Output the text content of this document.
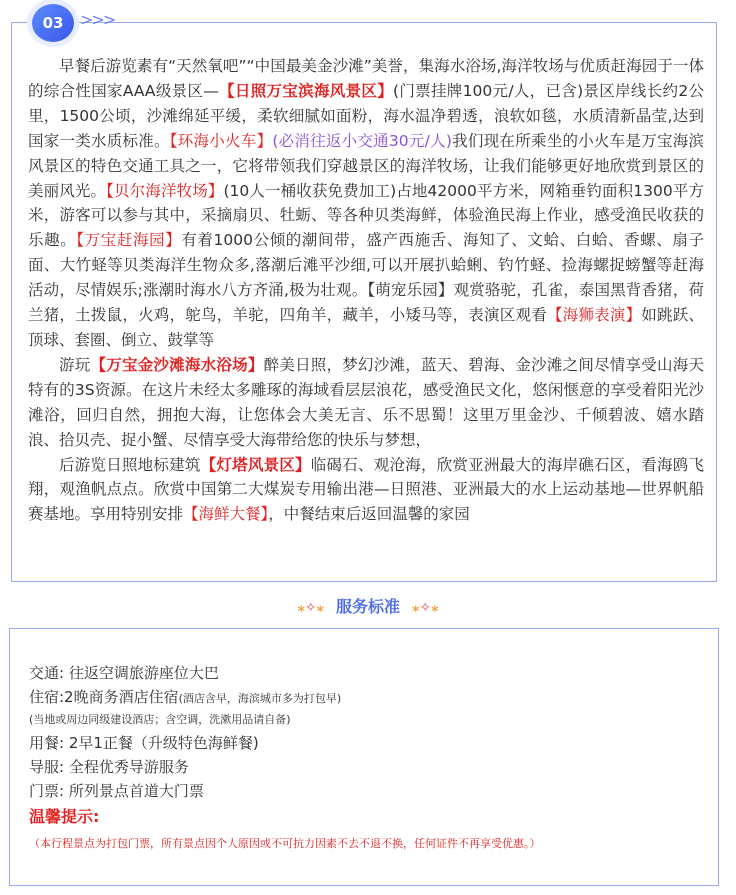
03 >>>

早餐后游览素有“天然氧吧”“中国最美金沙滩”美誉，集海水浴场,海洋牧场与优质赶海园于一体的综合性国家AAA级景区—【日照万宝滨海风景区】(门票挂牌100元/人，已含)景区岸线长约2公里，1500公顷，沙滩绵延平缓，柔软细腻如面粉，海水温净碧透，浪软如毯，水质清新晶莹,达到国家一类水质标准。【环海小火车】(必消往返小交通30元/人)我们现在所乘坐的小火车是万宝海滨风景区的特色交通工具之一，它将带领我们穿越景区的海洋牧场，让我们能够更好地欣赏到景区的美丽风光。【贝尔海洋牧场】(10人一桶收获免费加工)占地42000平方米，网箱垂钓面积1300平方米，游客可以参与其中，采摘扇贝、牡蛎、等各种贝类海鲜，体验渔民海上作业，感受渔民收获的乐趣。【万宝赶海园】有着1000公倾的潮间带，盛产西施舌、海知了、文蛤、白蛤、香螺、扇子面、大竹蛏等贝类海洋生物众多,落潮后滩平沙细,可以开展扒蛤蜊、钓竹蛏、捡海螺捉螃蟹等赶海活动，尽情娱乐;涨潮时海水八方齐涌,极为壮观。【萌宠乐园】观赏骆驼，孔雀，泰国黑背香猪，荷兰猪，土拨鼠，火鸡，鸵鸟，羊驼，四角羊，藏羊，小矮马等，表演区观看【海狮表演】如跳跃、顶球、套圈、倒立、鼓掌等

游玩【万宝金沙滩海水浴场】醉美日照，梦幻沙滩，蓝天、碧海、金沙滩之间尽情享受山海天特有的3S资源。在这片未经太多雕琢的海域看层层浪花，感受渔民文化，悠闲惬意的享受着阳光沙滩浴，回归自然，拥抱大海，让您体会大美无言、乐不思蜀！这里万里金沙、千倾碧波、嬉水踏浪、拾贝壳、捉小蟹、尽情享受大海带给您的快乐与梦想，

后游览日照地标建筑【灯塔风景区】临碣石、观沧海，欣赏亚洲最大的海岸礁石区，看海鸥飞翔，观渔帆点点。欣赏中国第二大煤炭专用输出港—日照港、亚洲最大的水上运动基地—世界帆船赛基地。享用特别安排【海鲜大餐】，中餐结束后返回温馨的家园

⁎✧⁎ 服务标准 ⁎✧⁎
交通: 往返空调旅游座位大巴
住宿:2晚商务酒店住宿(酒店含早，海滨城市多为打包早)
(当地或周边同级建设酒店；含空调，洗漱用品请自备)
用餐: 2早1正餐（升级特色海鲜餐)
导服: 全程优秀导游服务
门票: 所列景点首道大门票
温馨提示:
（本行程景点为打包门票，所有景点因个人原因或不可抗力因素不去不退不换，任何证件不再享受优惠。）
